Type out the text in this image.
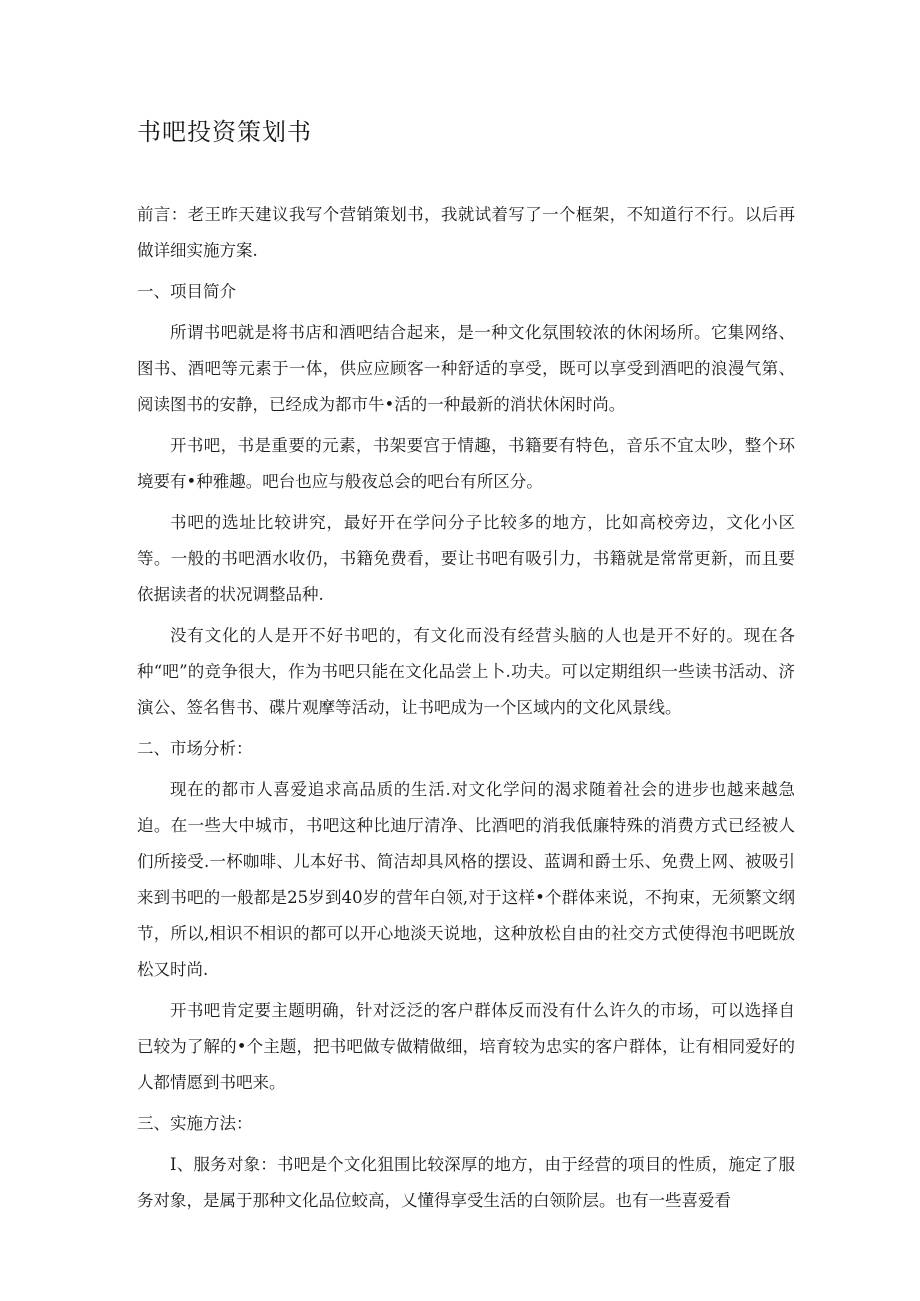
书吧投资策划书

前言：老王昨天建议我写个营销策划书，我就试着写了一个框架，不知道行不行。以后再做详细实施方案.

一、项目简介

所谓书吧就是将书店和酒吧结合起来，是一种文化氛围较浓的休闲场所。它集网络、图书、酒吧等元素于一体，供应应顾客一种舒适的享受，既可以享受到酒吧的浪漫气第、阅读图书的安静，已经成为都市牛•活的一种最新的消状休闲时尚。

开书吧，书是重要的元素，书架要宫于情趣，书籍要有特色，音乐不宜太吵，整个环境要有•种雅趣。吧台也应与般夜总会的吧台有所区分。

书吧的选址比较讲究，最好开在学问分子比较多的地方，比如高校旁边，文化小区等。一般的书吧酒水收仍，书籍免费看，要让书吧有吸引力，书籍就是常常更新，而且要依据读者的状况调整品种.

没有文化的人是开不好书吧的，有文化而没有经营头脑的人也是开不好的。现在各种“吧”的竞争很大，作为书吧只能在文化品尝上卜.功夫。可以定期组织一些读书活动、济演公、签名售书、碟片观摩等活动，让书吧成为一个区域内的文化风景线。

二、市场分析：

现在的都市人喜爱追求高品质的生活.对文化学问的渴求随着社会的进步也越来越急迫。在一些大中城市，书吧这种比迪厅清净、比酒吧的消我低廉特殊的消费方式已经被人们所接受.一杯咖啡、儿本好书、简洁却具风格的摆设、蓝调和爵士乐、免费上网、被吸引来到书吧的一般都是25岁到40岁的营年白领,对于这样•个群体来说，不拘束，无须繁文纲节，所以,相识不相识的都可以开心地淡天说地，这种放松自由的社交方式使得泡书吧既放松又时尚.

开书吧肯定要主题明确，针对泛泛的客户群体反而没有什么许久的市场，可以选择自已较为了解的•个主题，把书吧做专做精做细，培育较为忠实的客户群体，让有相同爱好的人都情愿到书吧来。

三、实施方法：

I、服务对象：书吧是个文化狙围比较深厚的地方，由于经营的项目的性质，施定了服务对象，是属于那种文化品位蛟高，乂懂得享受生活的白领阶层。也有一些喜爱看
